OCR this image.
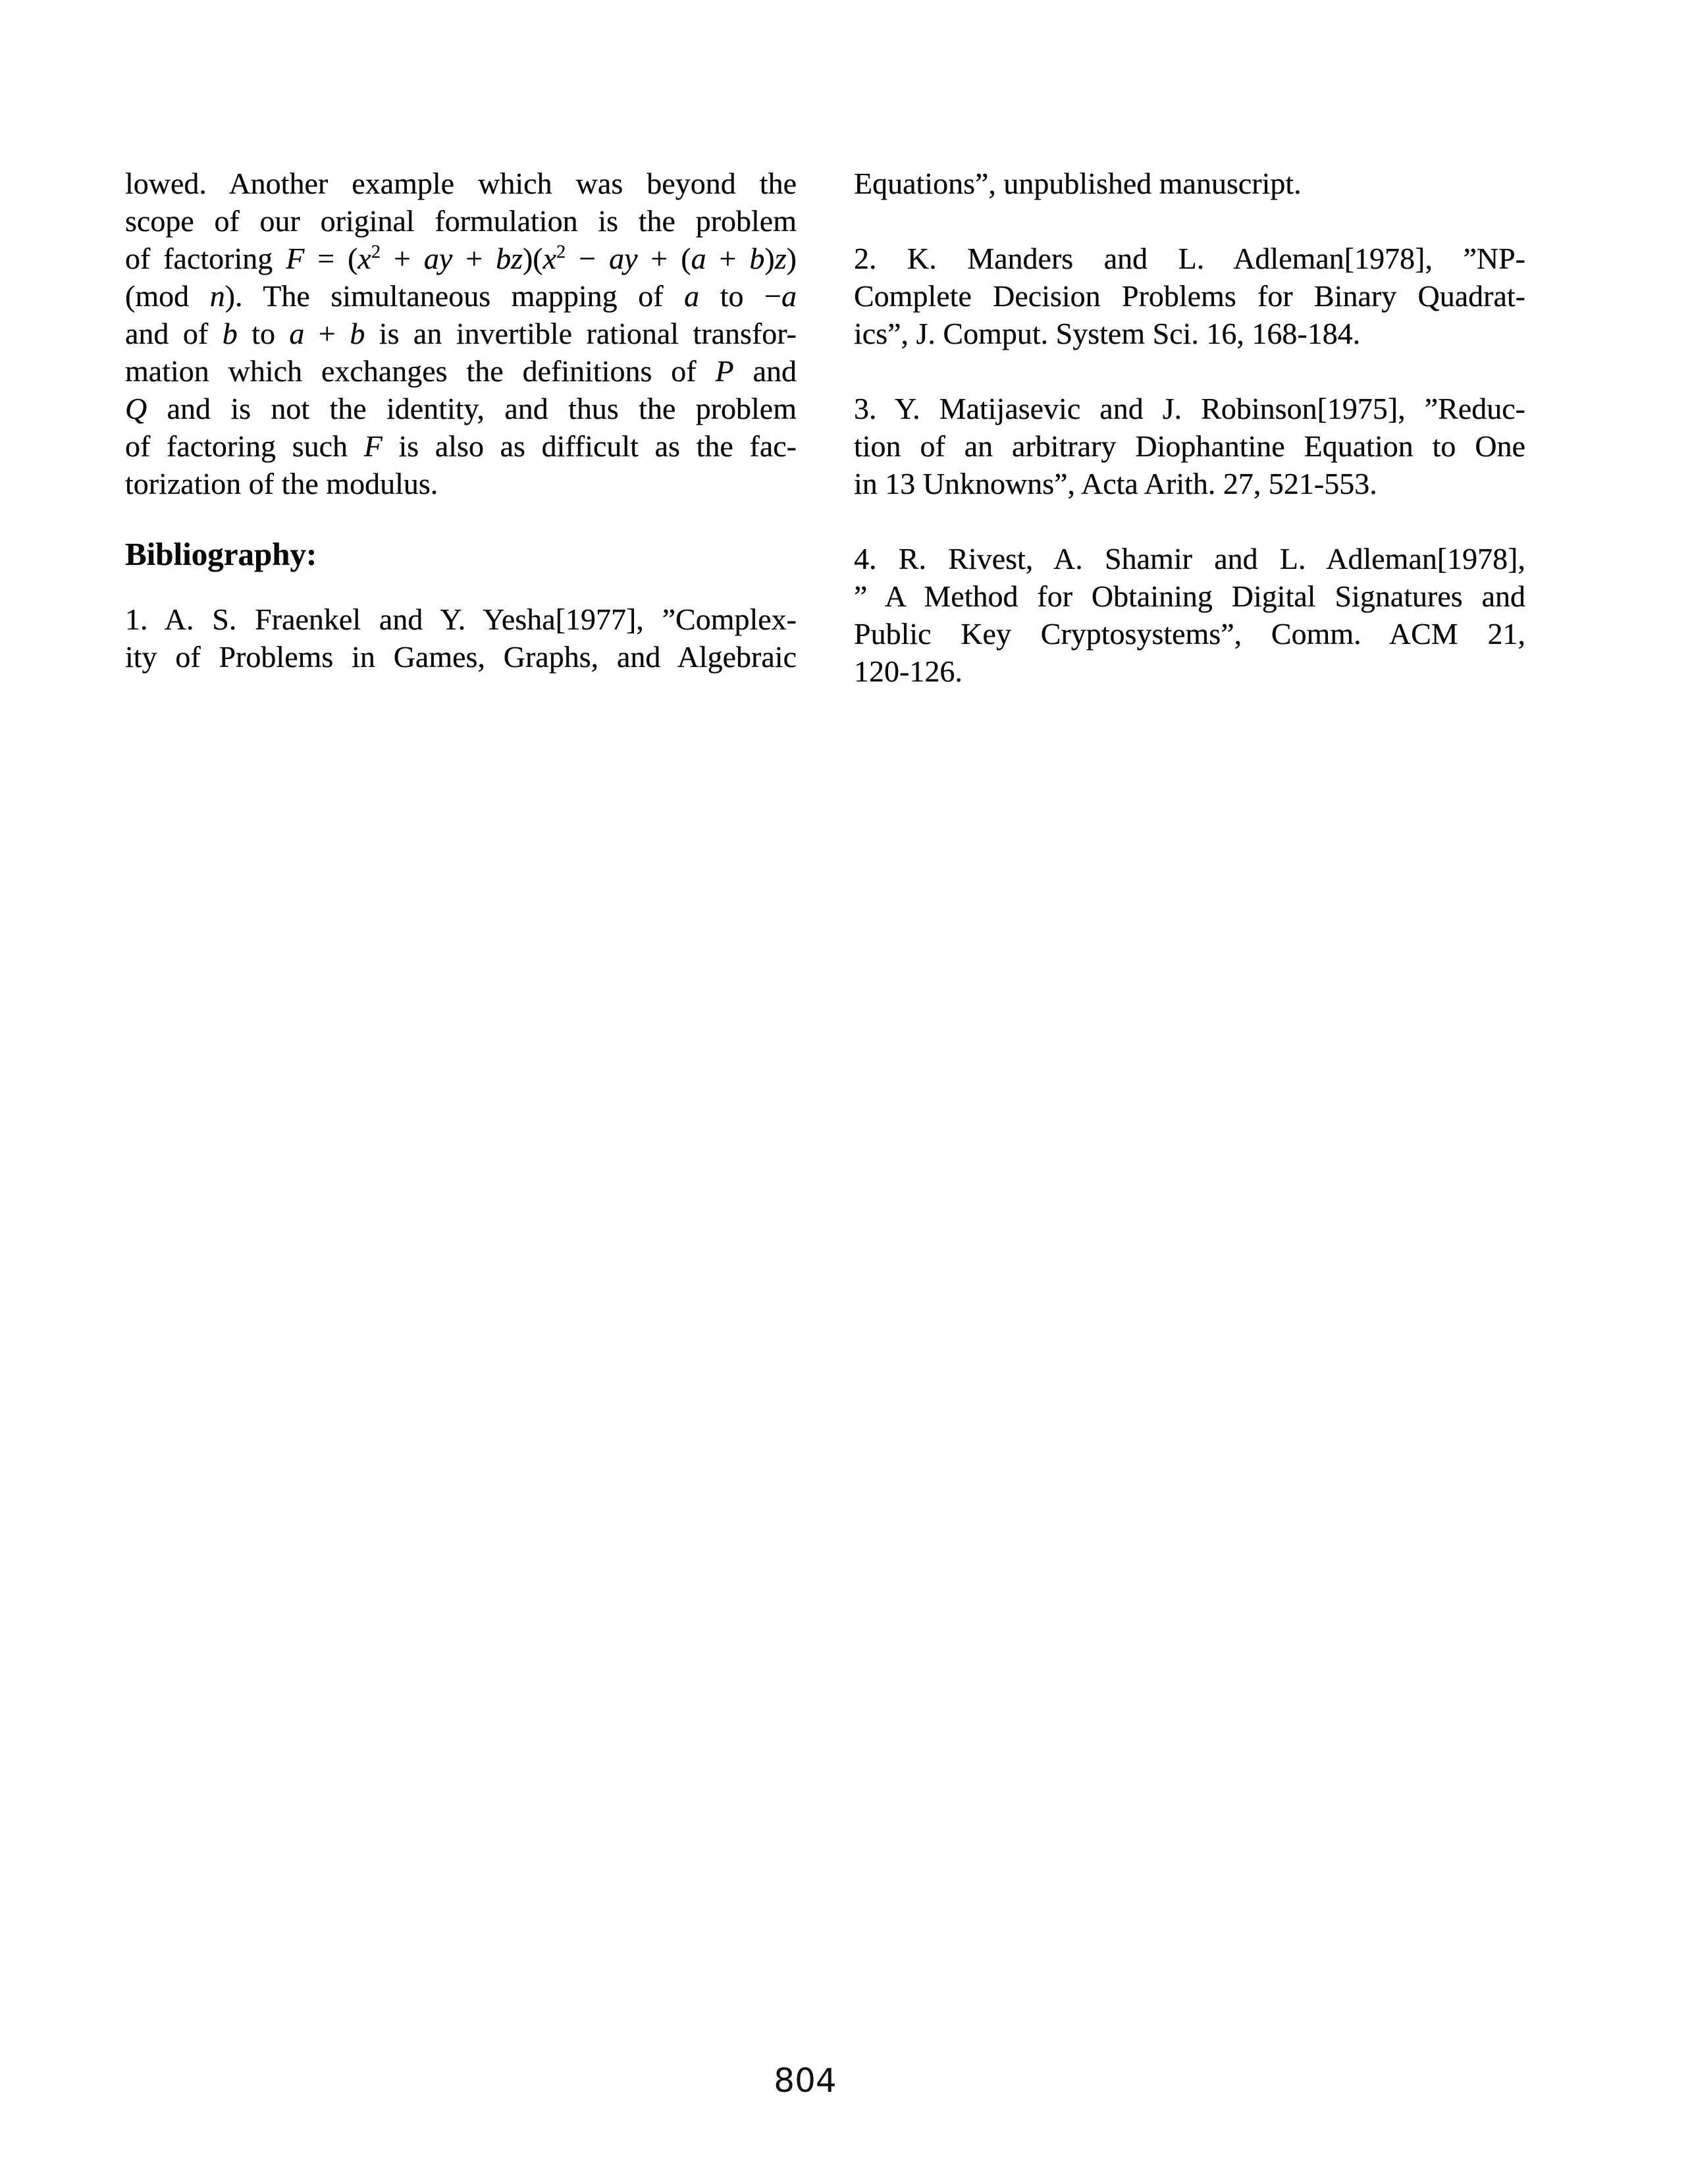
lowed. Another example which was beyond the
scope of our original formulation is the problem
of factoring $F = (x^2$ + ay + $bz)(x^2$ − ay + (a + b)z)
(mod n). The simultaneous mapping of a to −a
and of b to a + b is an invertible rational transfor-
mation which exchanges the definitions of P and
Q and is not the identity, and thus the problem
of factoring such F is also as difficult as the fac-
torization of the modulus.
Bibliography:
1. A. S. Fraenkel and Y. Yesha[1977], ”Complex-
ity of Problems in Games, Graphs, and Algebraic
Equations”, unpublished manuscript.
2. K. Manders and L. Adleman[1978], ”NP-
Complete Decision Problems for Binary Quadrat-
ics”, J. Comput. System Sci. 16, 168-184.
3. Y. Matijasevic and J. Robinson[1975], ”Reduc-
tion of an arbitrary Diophantine Equation to One
in 13 Unknowns”, Acta Arith. 27, 521-553.
4. R. Rivest, A. Shamir and L. Adleman[1978],
” A Method for Obtaining Digital Signatures and
Public Key Cryptosystems”, Comm. ACM 21,
120-126.
804
